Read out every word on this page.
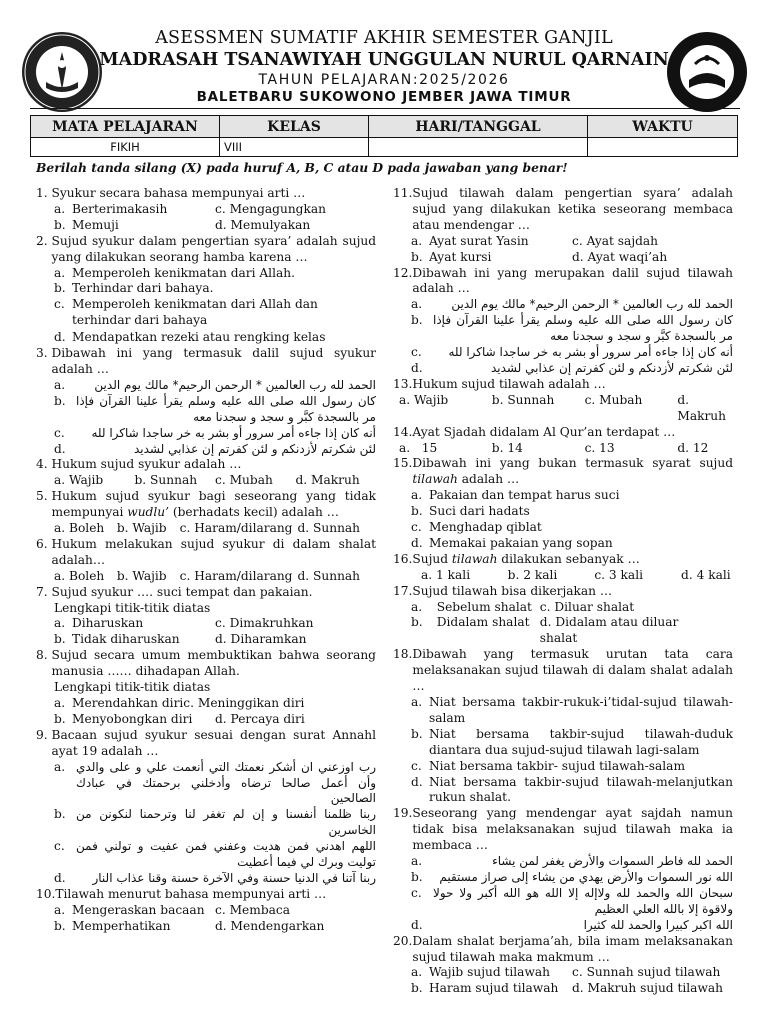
ASESSMEN SUMATIF AKHIR SEMESTER GANJIL
MADRASAH TSANAWIYAH UNGGULAN NURUL QARNAIN
TAHUN PELAJARAN:2025/2026
BALETBARU SUKOWONO JEMBER JAWA TIMUR
MATA PELAJARAN	KELAS	HARI/TANGGAL	WAKTU
FIKIH	VIII		
Berilah tanda silang (X) pada huruf A, B, C atau D pada jawaban yang benar!
1.
Syukur secara bahasa mempunyai arti …
a. Berterimakasih	c. Mengagungkan
b. Memuji	d. Memulyakan
2.
Sujud syukur dalam pengertian syara’ adalah sujud yang dilakukan seorang hamba karena …
a. Memperoleh kenikmatan dari Allah.
b. Terhindar dari bahaya.
c. Memperoleh kenikmatan dari Allah dan terhindar dari bahaya
d. Mendapatkan rezeki atau rengking kelas
3.
Dibawah ini yang termasuk dalil sujud syukur adalah …
a.	الحمد لله رب العالمين * الرحمن الرحيم* مالك يوم الدين
b. كان رسول الله صلى الله عليه وسلم يقرأ علينا القرآن فإذا مر بالسجدة كبَّر و سجد و سجدنا معه
c.	أنه كان إذا جاءه أمر سرور أو بشر به خر ساجدا شاكرا لله
d.	لئن شكرتم لأزدنكم و لئن كفرتم إن عذابي لشديد
4.
Hukum sujud syukur adalah …
a. Wajib	b. Sunnah	c. Mubah	d. Makruh
5.
Hukum sujud syukur bagi seseorang yang tidak mempunyai wudlu’ (berhadats kecil) adalah …
a. Boleh	b. Wajib	c. Haram/dilarang d. Sunnah
6.
Hukum melakukan sujud syukur di dalam shalat adalah…
a. Boleh	b. Wajib	c. Haram/dilarang d. Sunnah
7.
Sujud syukur …. suci tempat dan pakaian.
Lengkapi titik-titik diatas
a. Diharuskan	c. Dimakruhkan
b. Tidak diharuskan	d. Diharamkan
8.
Sujud secara umum membuktikan bahwa seorang manusia …… dihadapan Allah.
Lengkapi titik-titik diatas
a. Merendahkan diri c. Meninggikan diri
b. Menyobongkan diri d. Percaya diri
9.
Bacaan sujud syukur sesuai dengan surat Annahl ayat 19 adalah …
a. رب اوزعني ان أشكر نعمتك التي أنعمت علي و على والدي وأن أعمل صالحا ترضاه وأدخلني برحمتك في عبادك الصالحين
b. ربنا ظلمنا أنفسنا و إن لم تغفر لنا وترحمنا لنكونن من الخاسرين
c. اللهم اهدني فمن هديت وعفني فمن عفيت و تولني فمن توليت وبرك لي فيما أعطيت
d.	ربنا آتنا في الدنيا حسنة وفي الآخرة حسنة وقنا عذاب النار
10. Tilawah menurut bahasa mempunyai arti …
a. Mengeraskan bacaan c. Membaca
b. Memperhatikan	d. Mendengarkan
11. Sujud tilawah dalam pengertian syara’ adalah sujud yang dilakukan ketika seseorang membaca atau mendengar …
a. Ayat surat Yasin	c. Ayat sajdah
b. Ayat kursi	d. Ayat waqi’ah
12. Dibawah ini yang merupakan dalil sujud tilawah adalah …
a.	الحمد لله رب العالمين * الرحمن الرحيم* مالك يوم الدين
b. كان رسول الله صلى الله عليه وسلم يقرأ علينا القرآن فإذا مر بالسجدة كبَّر و سجد و سجدنا معه
c.	أنه كان إذا جاءه أمر سرور أو بشر به خر ساجدا شاكرا لله
d.	لئن شكرتم لأزدنكم و لئن كفرتم إن عذابي لشديد
13. Hukum sujud tilawah adalah …
a. Wajib	b. Sunnah	c. Mubah	d. Makruh
14. Ayat Sjadah didalam Al Qur’an terdapat …
a.   15	b. 14	c. 13	d. 12
15. Dibawah ini yang bukan termasuk syarat sujud tilawah adalah …
a. Pakaian dan tempat harus suci
b. Suci dari hadats
c. Menghadap qiblat
d. Memakai pakaian yang sopan
16. Sujud tilawah dilakukan sebanyak …
a. 1 kali	b. 2 kali	c. 3 kali	d. 4 kali
17. Sujud tilawah bisa dikerjakan …
a.
	Sebelum shalat c. Diluar shalat
b.
	Didalam shalat d. Didalam atau diluar shalat
18. Dibawah yang termasuk urutan tata cara melaksanakan sujud tilawah di dalam shalat adalah …
a. Niat bersama takbir-rukuk-i’tidal-sujud tilawah-salam
b. Niat bersama takbir-sujud tilawah-duduk diantara dua sujud-sujud tilawah lagi-salam
c. Niat bersama takbir- sujud tilawah-salam
d. Niat bersama takbir-sujud tilawah-melanjutkan rukun shalat.
19. Seseorang yang mendengar ayat sajdah namun tidak bisa melaksanakan sujud tilawah maka ia membaca …
a.	الحمد لله فاطر السموات والأرض يغفر لمن يشاء
b.	الله نور السموات والأرض يهدي من يشاء إلى صراز مستقيم
c. سبحان الله والحمد لله ولاإله إلا الله هو الله أكبر ولا حولا ولاقوة إلا بالله العلي العظيم
d.	الله اكبر كبيرا والحمد لله كثيرا
20. Dalam shalat berjama’ah, bila imam melaksanakan sujud tilawah maka makmum …
a. Wajib sujud tilawah c. Sunnah sujud tilawah
b. Haram sujud tilawah d. Makruh sujud tilawah
